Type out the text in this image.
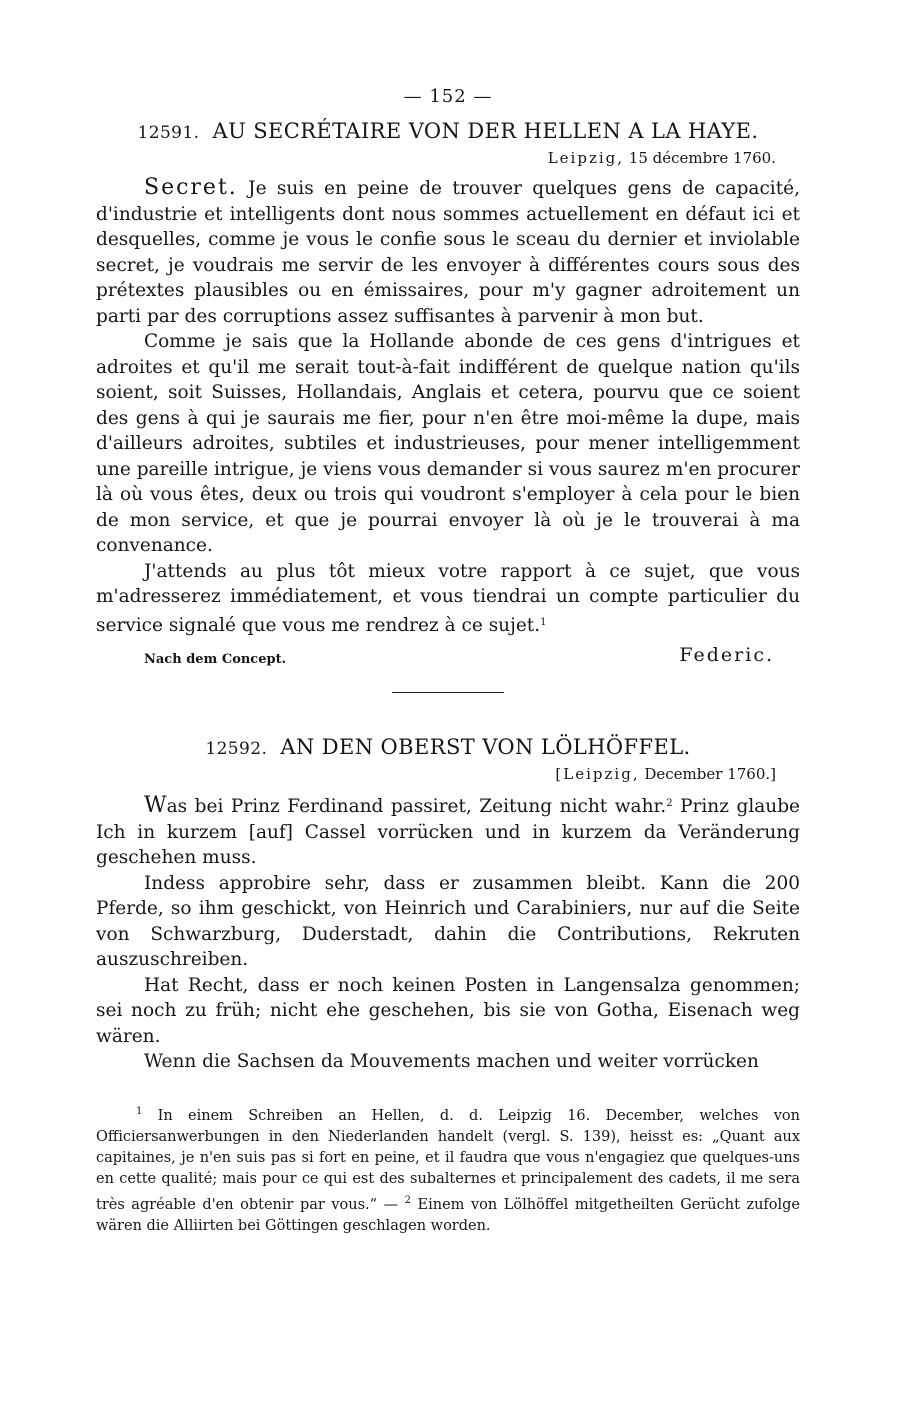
— 152 —
12591. AU SECRÉTAIRE VON DER HELLEN A LA HAYE.
Leipzig, 15 décembre 1760.

Secret. Je suis en peine de trouver quelques gens de capacité, d'industrie et intelligents dont nous sommes actuellement en défaut ici et desquelles, comme je vous le confie sous le sceau du dernier et inviolable secret, je voudrais me servir de les envoyer à différentes cours sous des prétextes plausibles ou en émissaires, pour m'y gagner adroitement un parti par des corruptions assez suffisantes à parvenir à mon but.

Comme je sais que la Hollande abonde de ces gens d'intrigues et adroites et qu'il me serait tout-à-fait indifférent de quelque nation qu'ils soient, soit Suisses, Hollandais, Anglais et cetera, pourvu que ce soient des gens à qui je saurais me fier, pour n'en être moi-même la dupe, mais d'ailleurs adroites, subtiles et industrieuses, pour mener intelligemment une pareille intrigue, je viens vous demander si vous saurez m'en procurer là où vous êtes, deux ou trois qui voudront s'employer à cela pour le bien de mon service, et que je pourrai envoyer là où je le trouverai à ma convenance.

J'attends au plus tôt mieux votre rapport à ce sujet, que vous m'adresserez immédiatement, et vous tiendrai un compte particulier du service signalé que vous me rendrez à ce sujet.$^1$

Nach dem Concept.	Federic.
12592. AN DEN OBERST VON LÖLHÖFFEL.
[Leipzig, December 1760.]

Was bei Prinz Ferdinand passiret, Zeitung nicht wahr.$^2$ Prinz glaube Ich in kurzem [auf] Cassel vorrücken und in kurzem da Veränderung geschehen muss.

Indess approbire sehr, dass er zusammen bleibt. Kann die 200 Pferde, so ihm geschickt, von Heinrich und Carabiniers, nur auf die Seite von Schwarzburg, Duderstadt, dahin die Contributions, Rekruten auszuschreiben.

Hat Recht, dass er noch keinen Posten in Langensalza genommen; sei noch zu früh; nicht ehe geschehen, bis sie von Gotha, Eisenach weg wären.

Wenn die Sachsen da Mouvements machen und weiter vorrücken

$^1$ In einem Schreiben an Hellen, d. d. Leipzig 16. December, welches von Officiersanwerbungen in den Niederlanden handelt (vergl. S. 139), heisst es: „Quant aux capitaines, je n'en suis pas si fort en peine, et il faudra que vous n'engagiez que quelques-uns en cette qualité; mais pour ce qui est des subalternes et principalement des cadets, il me sera très agréable d'en obtenir par vous.“ — $^2$ Einem von Lölhöffel mitgetheilten Gerücht zufolge wären die Alliirten bei Göttingen geschlagen worden.
